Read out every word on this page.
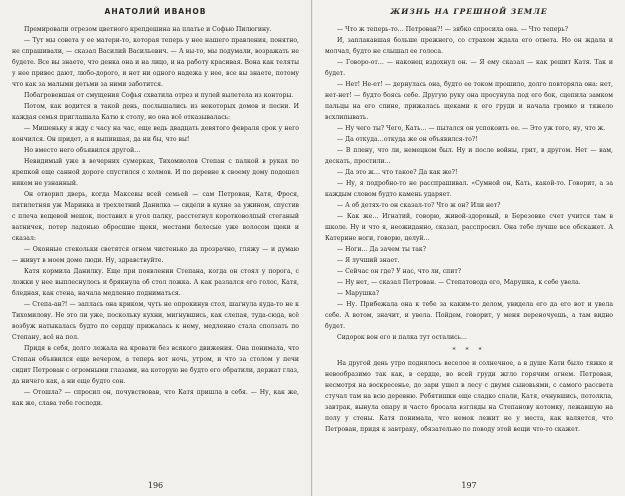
АНАТОЛИЙ ИВАНОВ

Премировали отрезом цветного крепдешина на платье и Софью Пилюгину.

— Тут мы совета у ее матери-то, которая теперь у нее нашего правления, понятно, не спрашивали, — сказал Василий Васильевич. — А вы-то, мы подумали, возражать не будете. Все вы знаете, что денка она и на лицо, и на работу красивая. Вона как теляты у нее привес дают, любо-дорого, и нет ни одного надежа у нее, все вы знаете, потому что как за малыми детьми за ними заботится.

Побагровевшая от смущения Софья схватила отрез и пулей вылетела из конторы.

Потом, как водится в такой день, послышались из некоторых домов и песни. И каждая семья приглашала Катю к столу, но она всё отказывалась:

— Мишеньку я жду с часу на час, еще ведь двадцать девятого февраля срок у него кончился. Он придет, а я выпившая, да ни бы, что вы!

Но вместо него объявился другой…

Невидимый уже в вечерних сумерках, Тихомиолов Степан с палкой в руках по крепкой еще санной дороге спустился с холмов. И по деревне к своему дому подошел никем не узнанный.

Он отворил дверь, когда Максевы всей семьей — сам Петрован, Катя, Фрося, пятилетняя уж Маринка и трехлетний Данилка — сидели в кухне за ужином, спустив с плеча вещевой мешок, поставил в угол палку, расстегнул коротковолпый стеганый ватничек, потер ладонью обросшие щеки, местами белесые уже волосом щеки и сказал:

— Оконные стекольки светятся огнем чистенько да прозрачно, гляжу — и думаю — живут в моем доме люди. Ну, здравствуйте.

Катя кормила Данилку. Еще при появлении Степана, когда он стоял у порога, с ложки у нее выплеснулось и брякнула об стол ложка. А как разлался его голос, Катя, бледная, как стена, начала медленно подниматься.

— Степа-ан?! — заплась она криком, чуть не опрокинув стол, шагнула куда-то не к Тихомилову. Не это ли уже, поскольку кухни, мигнувшись, как слепая, туда-сюда, всё возбуж натыкалась будто по сердцу прижалась к нему, медленно стала сползать по Степану, всё на пол.

Придя в себя, долго лежала на кровати без всякого движения. Она понимала, что Степан объявился еще вечером, а теперь вот ночь, утром, и что за столом у печи сидит Петрован с огромными глазами, на которую не будто его обратили, держат глаз, да ничего как, а ни еще будто сон.

— Отошла? — спросил он, почувствовав, что Катя пришла в себя. — Ну, как же, как же, слава тебе господи.

196
ЖИЗНЬ НА ГРЕШНОЙ ЗЕМЛЕ

— Что ж теперь-то… Петрован?! — зябко спросила она. — Что теперь?

И, заплакавшая больше прежнего, со страхом ждала его ответа. Но он ждала и молчал, будто не слышал ее голоса.

— Говоро-от… — наконец вздохнул он. — Я ему сказал — как решит Катя. Так и будет.

— Нет! Не-ет! — дернулась она, будто ее током прошило, долго повторяла она: нет, нет-нет! — будто боясь себе. Другую руку она просунула под его бок, сцепила замком пальцы на его спине, прижалась щеками к его груди и начала громко и тяжело всхлипывать.

— Ну чего ты? Чего, Кать… — пытался он успокоить ее. — Это уж того, ну, что ж.

— Да откуда…откуда же он объявился-то?!

— В плену, что ли, немецком был. Ну и после войны, грит, в другом. Нет — вам, дескать, простили…

— Да это ж… что такое? Да как же?!

— Ну, я подробно-то не расспрашивал. «Сумной он, Кать, какой-то. Говорит, а за каждым словом будто камень ударяет.

— А об детях-то он сказал-то? Что ж он? Или нет?

— Как же… Игнатий, говорю, живой-здоровый, в Березовке счет учится там в школе. Ну и что я, неожиданно, сказал, расспросил. Она тебе лучше все обскажет. А Катерине ноги, говорю, целуй…

— Ноги… Да зачем ты так?

— Я лучший знает.

— Сейчас он где? У нас, что ли, спит?

— Ну нет, — сказал Петрован. — Степатовода его, Марушка, к себе увела.

— Марушка?

— Ну. Прибежала она к тебе за каким-то делом, увидела его да его вот и увела себе. А вотом, значит, и увела. Пойдем, говорит, у меня переночуешь, а там видно будет.

Сидорок вон его и палка тут остались…

* * *

На другой день утро поднялось веселое и солнечное, а в душе Кати было тяжко и невообразимо так как, в сердце, во всей груди жгло горячим огнем. Петрован, несмотря на воскресенье, до зари ушел в лесу с двумя сыновьями, с самого рассвета стучал там на всю деревню. Ребятишки еще сладко спали, Катя, очнувшись, потолкла, завтрак, вынула опару и часто бросала взгляды на Степанову котомку, лежавшую на полу у стены. Катя понимала, что немок лежит не у места, как валяется, что Петрован, придя к завтраку, обязательно по поводу этой вещи что-то скажет.

197
